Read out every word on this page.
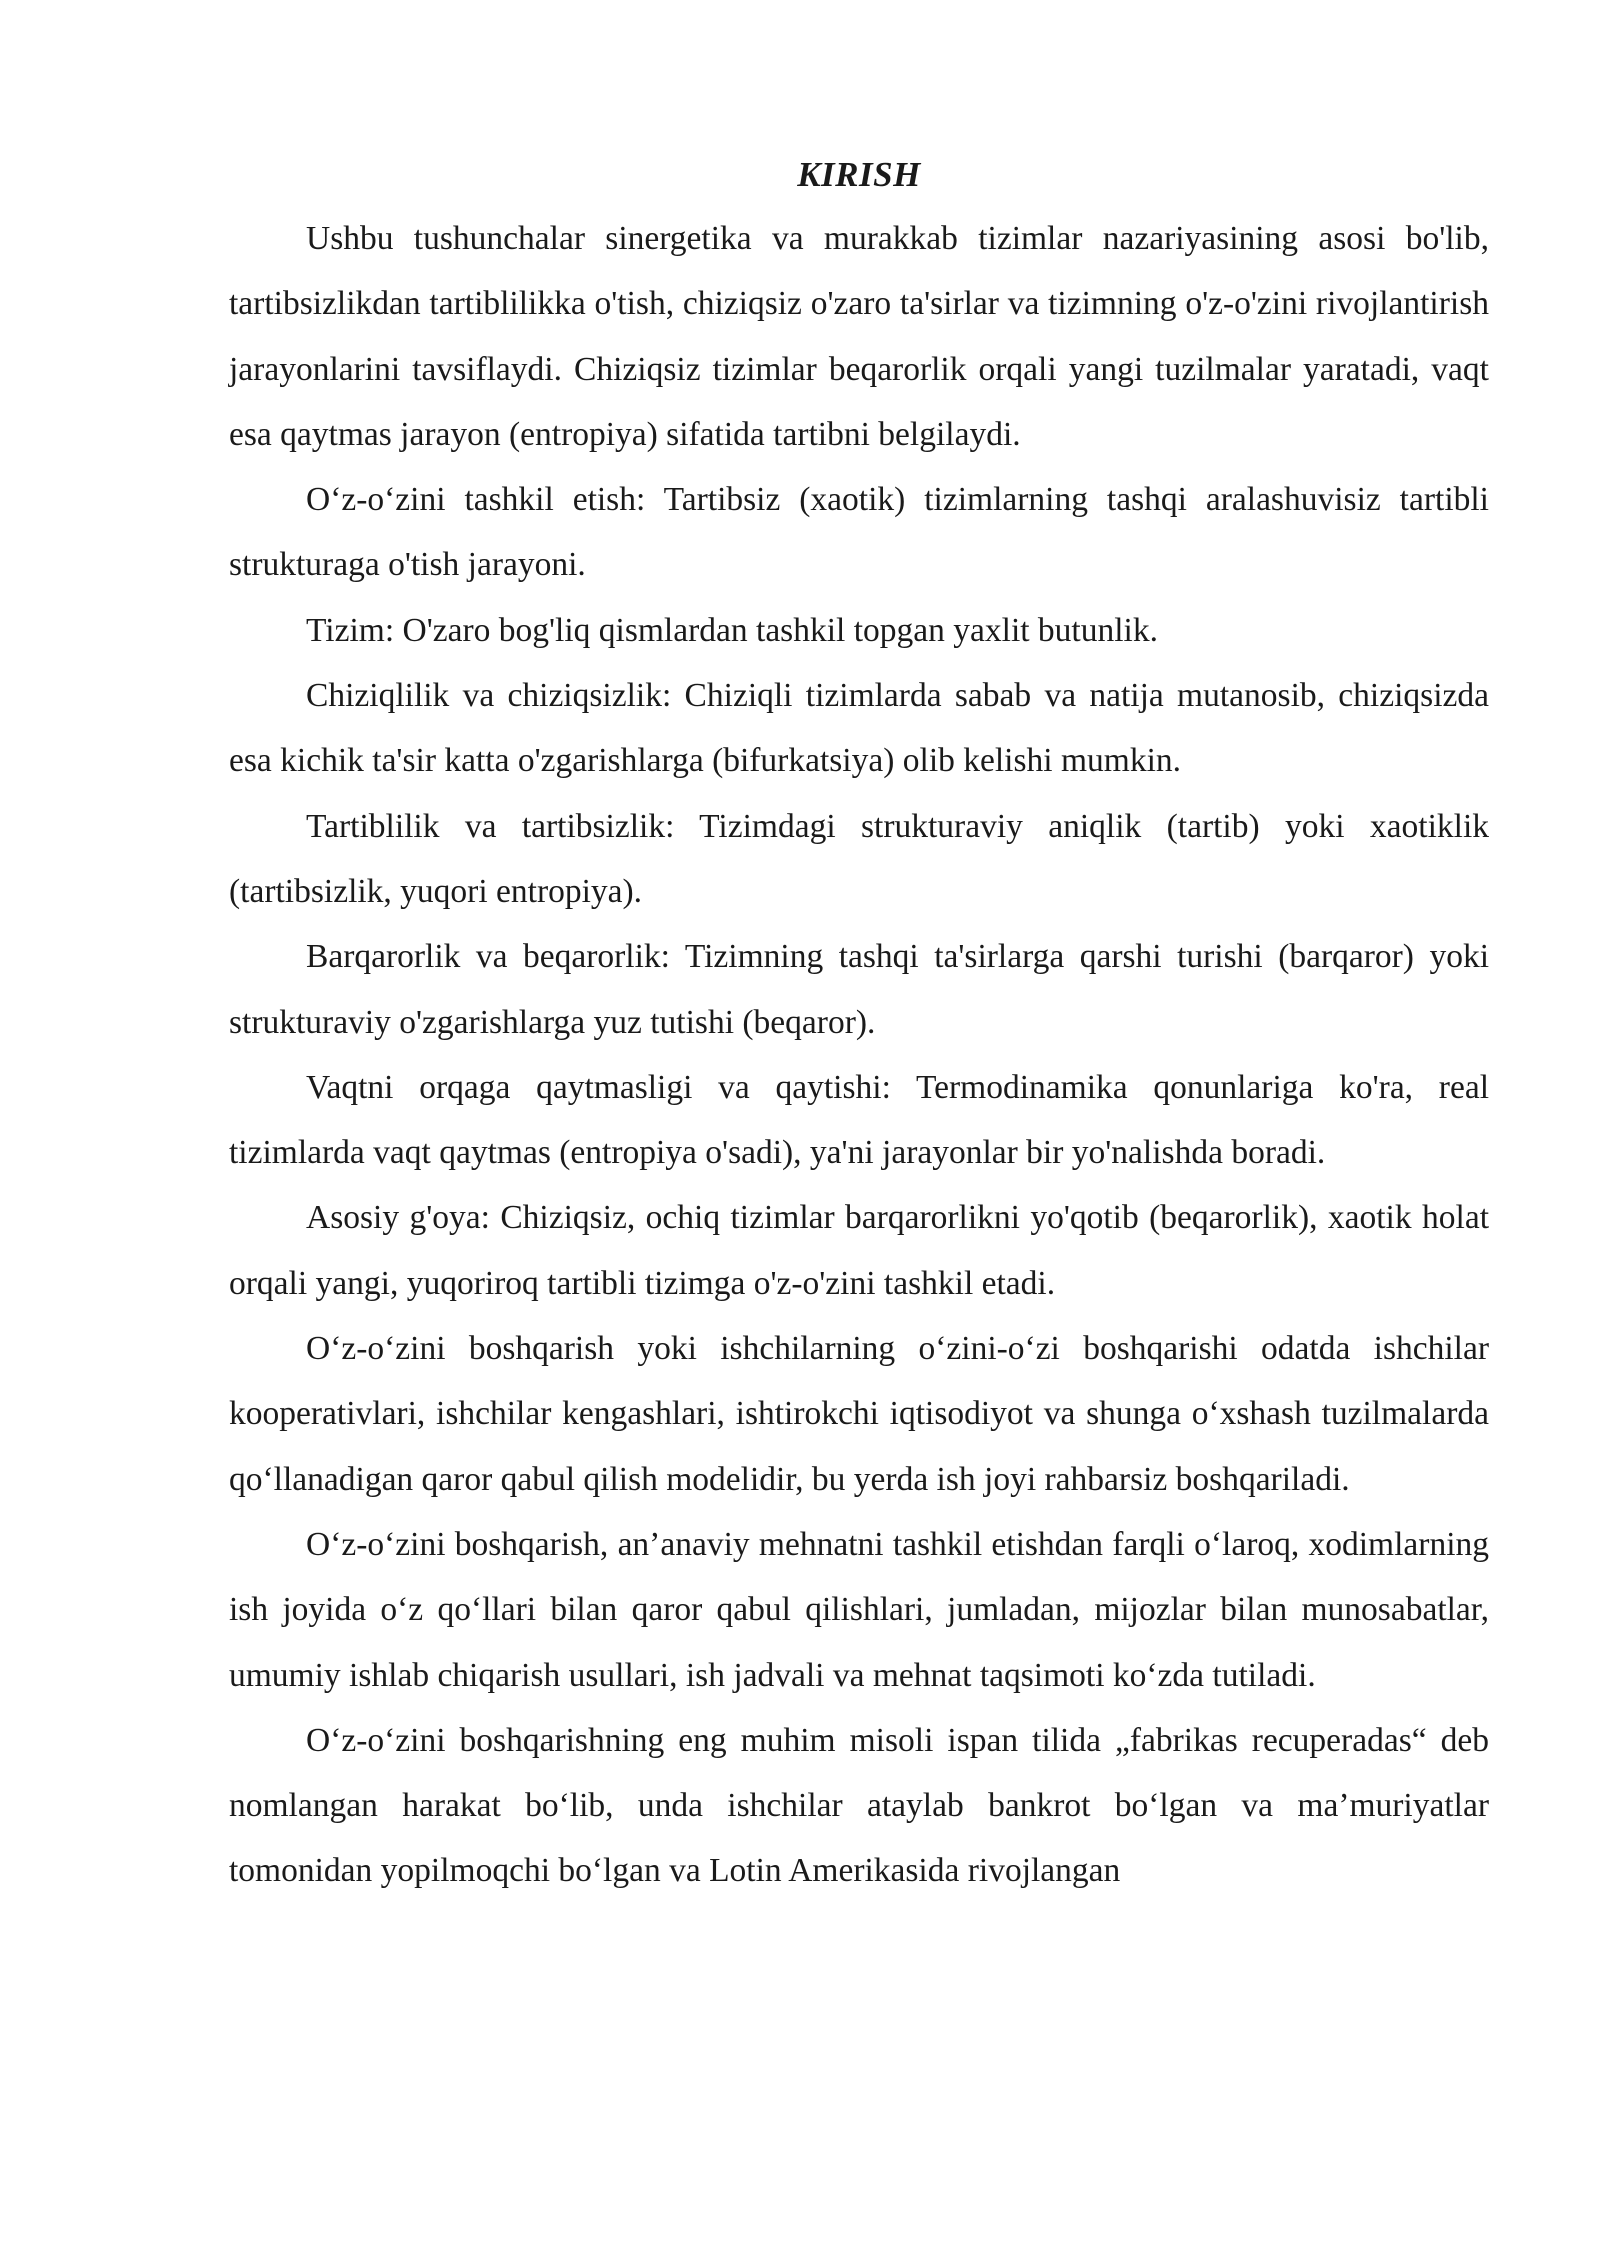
KIRISH

Ushbu tushunchalar sinergetika va murakkab tizimlar nazariyasining asosi bo'lib, tartibsizlikdan tartiblilikka o'tish, chiziqsiz o'zaro ta'sirlar va tizimning o'z-o'zini rivojlantirish jarayonlarini tavsiflaydi. Chiziqsiz tizimlar beqarorlik orqali yangi tuzilmalar yaratadi, vaqt esa qaytmas jarayon (entropiya) sifatida tartibni belgilaydi.

O‘z-o‘zini tashkil etish: Tartibsiz (xaotik) tizimlarning tashqi aralashuvisiz tartibli strukturaga o'tish jarayoni.

Tizim: O'zaro bog'liq qismlardan tashkil topgan yaxlit butunlik.

Chiziqlilik va chiziqsizlik: Chiziqli tizimlarda sabab va natija mutanosib, chiziqsizda esa kichik ta'sir katta o'zgarishlarga (bifurkatsiya) olib kelishi mumkin.

Tartiblilik va tartibsizlik: Tizimdagi strukturaviy aniqlik (tartib) yoki xaotiklik (tartibsizlik, yuqori entropiya).

Barqarorlik va beqarorlik: Tizimning tashqi ta'sirlarga qarshi turishi (barqaror) yoki strukturaviy o'zgarishlarga yuz tutishi (beqaror).

Vaqtni orqaga qaytmasligi va qaytishi: Termodinamika qonunlariga ko'ra, real tizimlarda vaqt qaytmas (entropiya o'sadi), ya'ni jarayonlar bir yo'nalishda boradi.

Asosiy g'oya: Chiziqsiz, ochiq tizimlar barqarorlikni yo'qotib (beqarorlik), xaotik holat orqali yangi, yuqoriroq tartibli tizimga o'z-o'zini tashkil etadi.

O‘z-o‘zini boshqarish yoki ishchilarning o‘zini-o‘zi boshqarishi odatda ishchilar kooperativlari, ishchilar kengashlari, ishtirokchi iqtisodiyot va shunga o‘xshash tuzilmalarda qo‘llanadigan qaror qabul qilish modelidir, bu yerda ish joyi rahbarsiz boshqariladi.

O‘z-o‘zini boshqarish, an’anaviy mehnatni tashkil etishdan farqli o‘laroq, xodimlarning ish joyida o‘z qo‘llari bilan qaror qabul qilishlari, jumladan, mijozlar bilan munosabatlar, umumiy ishlab chiqarish usullari, ish jadvali va mehnat taqsimoti ko‘zda tutiladi.

O‘z-o‘zini boshqarishning eng muhim misoli ispan tilida „fabrikas recuperadas“ deb nomlangan harakat bo‘lib, unda ishchilar ataylab bankrot bo‘lgan va ma’muriyatlar tomonidan yopilmoqchi bo‘lgan va Lotin Amerikasida rivojlangan
